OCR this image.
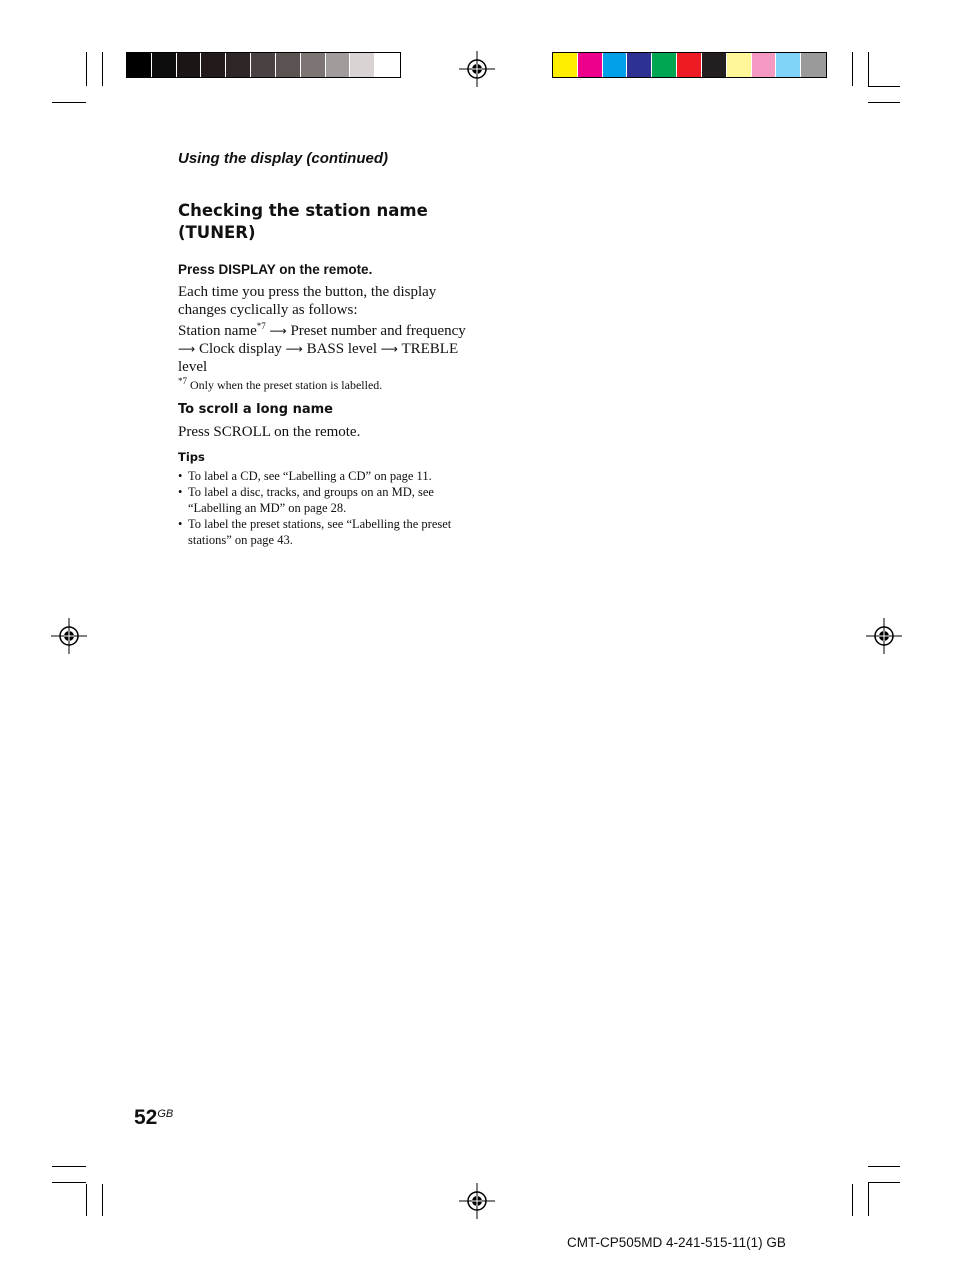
Using the display (continued)
Checking the station name (TUNER)
Press DISPLAY on the remote.
Each time you press the button, the display changes cyclically as follows:
Station name$^{*7}$ ⟶ Preset number and frequency ⟶ Clock display ⟶ BASS level ⟶ TREBLE level
$^{*7}$ Only when the preset station is labelled.
To scroll a long name
Press SCROLL on the remote.
Tips
• To label a CD, see “Labelling a CD” on page 11.
• To label a disc, tracks, and groups on an MD, see “Labelling an MD” on page 28.
• To label the preset stations, see “Labelling the preset stations” on page 43.
$52^{GB}$
CMT-CP505MD 4-241-515-11(1) GB
